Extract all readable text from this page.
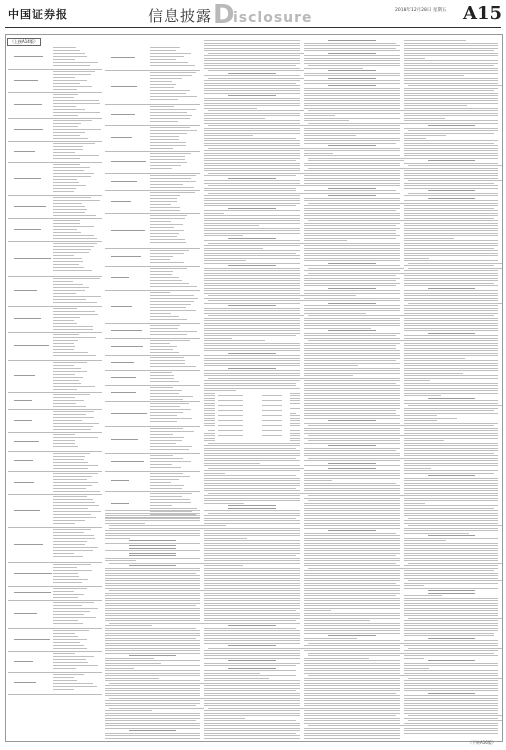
中国证券报	信息披露 D
isclosure	2018年12月28日 星期五 A15
（上接A14版）
（下转A16版）
